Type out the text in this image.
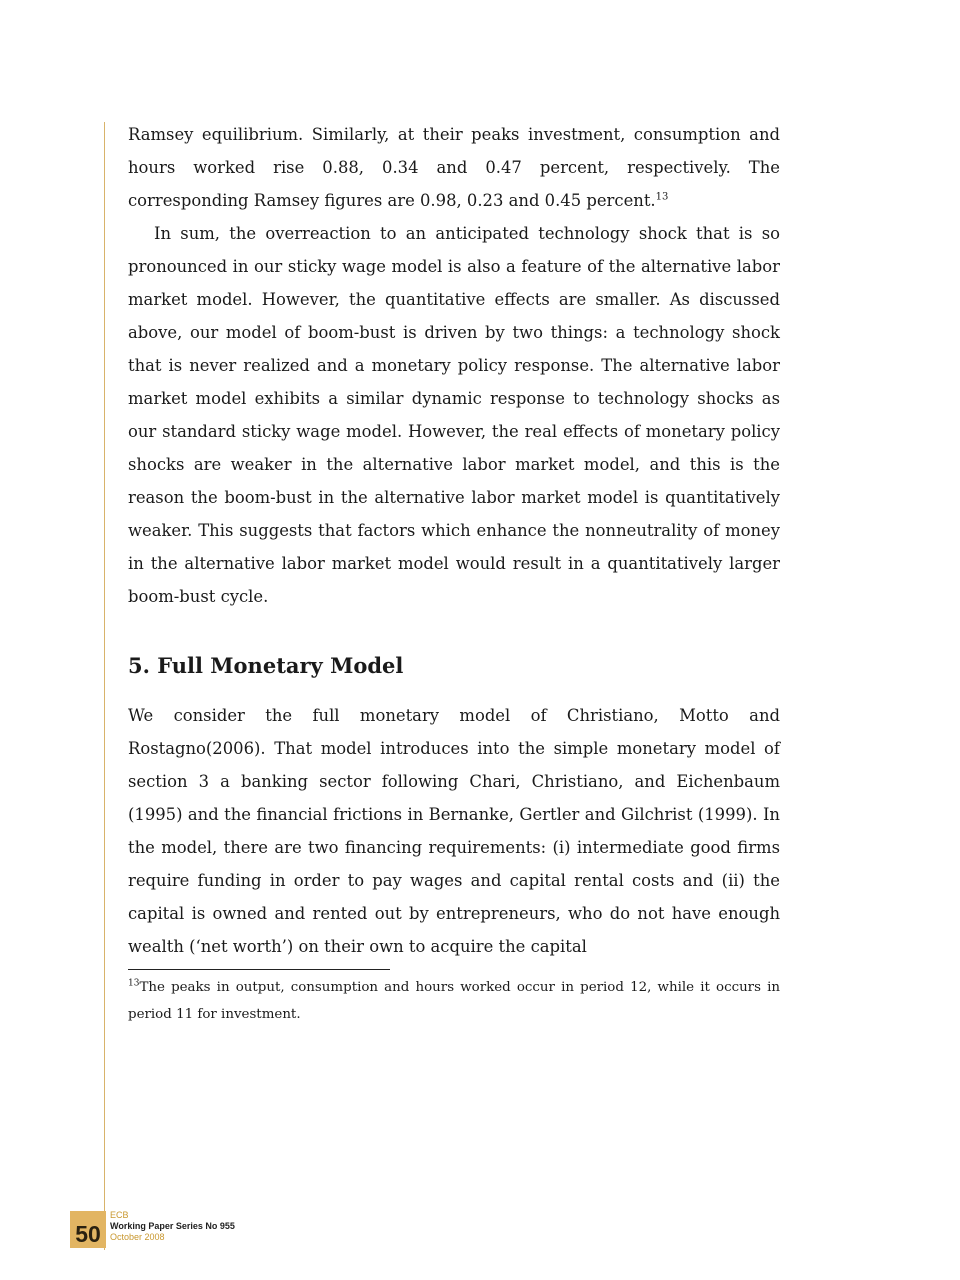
Ramsey equilibrium. Similarly, at their peaks investment, consumption and hours worked rise 0.88, 0.34 and 0.47 percent, respectively. The corresponding Ramsey figures are 0.98, 0.23 and 0.45 percent.$^{13}$

In sum, the overreaction to an anticipated technology shock that is so pronounced in our sticky wage model is also a feature of the alternative labor market model. However, the quantitative effects are smaller. As discussed above, our model of boom-bust is driven by two things: a technology shock that is never realized and a monetary policy response. The alternative labor market model exhibits a similar dynamic response to technology shocks as our standard sticky wage model. However, the real effects of monetary policy shocks are weaker in the alternative labor market model, and this is the reason the boom-bust in the alternative labor market model is quantitatively weaker. This suggests that factors which enhance the nonneutrality of money in the alternative labor market model would result in a quantitatively larger boom-bust cycle.

5. Full Monetary Model

We consider the full monetary model of Christiano, Motto and Rostagno(2006). That model introduces into the simple monetary model of section 3 a banking sector following Chari, Christiano, and Eichenbaum (1995) and the financial frictions in Bernanke, Gertler and Gilchrist (1999). In the model, there are two financing requirements: (i) intermediate good firms require funding in order to pay wages and capital rental costs and (ii) the capital is owned and rented out by entrepreneurs, who do not have enough wealth (‘net worth’) on their own to acquire the capital

$^{13}$The peaks in output, consumption and hours worked occur in period 12, while it occurs in period 11 for investment.

50
ECB
Working Paper Series No 955
October 2008
